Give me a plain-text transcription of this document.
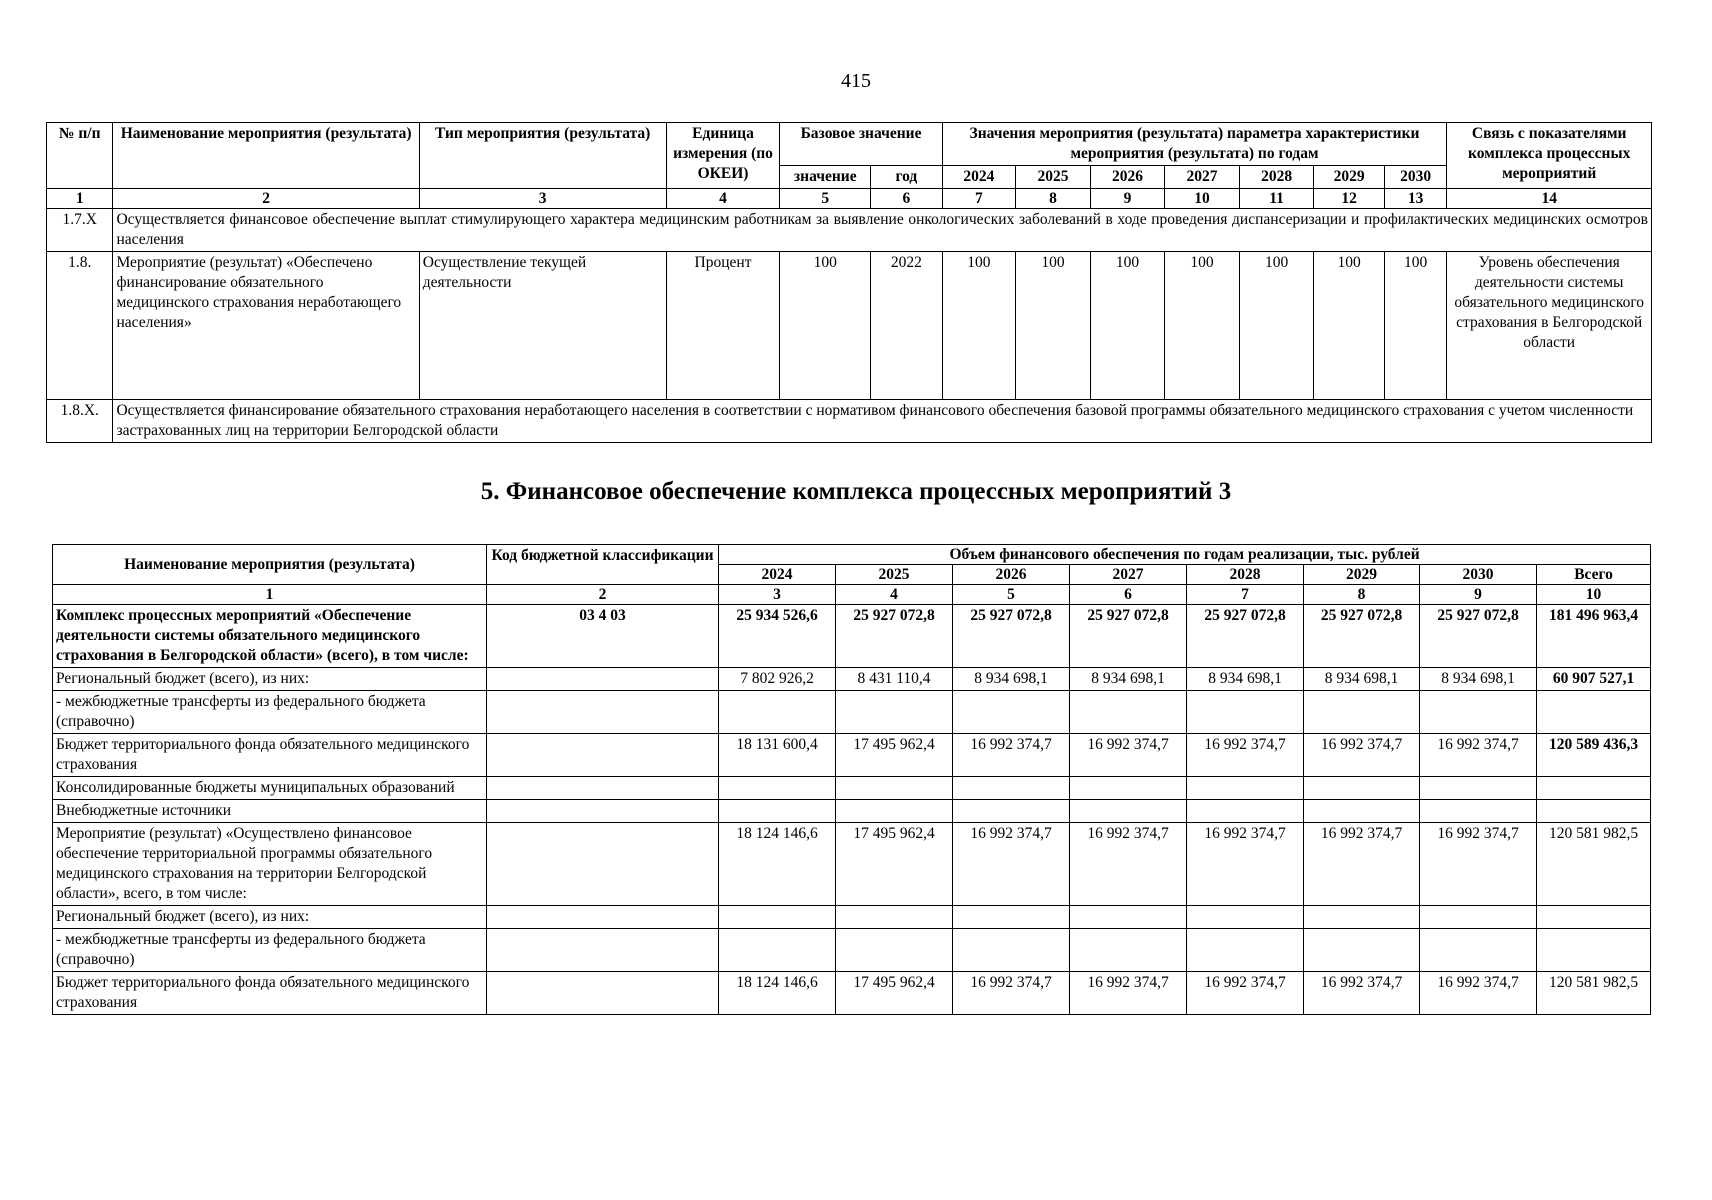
415
№ п/п	Наименование мероприятия (результата)	Тип мероприятия (результата)	Единица измерения (по ОКЕИ)	Базовое значение		Значения мероприятия (результата) параметра характеристики мероприятия (результата) по годам							Связь с показателями комплекса процессных мероприятий
				значение	год	2024	2025	2026	2027	2028	2029	2030	
1	2	3	4	5	6	7	8	9	10	11	12	13	14
1.7.X	Осуществляется финансовое обеспечение выплат стимулирующего характера медицинским работникам за выявление онкологических заболеваний в ходе проведения диспансеризации и профилактических медицинских осмотров населения												
1.8.	Мероприятие (результат) «Обеспечено финансирование обязательного медицинского страхования неработающего населения»	Осуществление текущей деятельности	Процент	100	2022	100	100	100	100	100	100	100	Уровень обеспечения деятельности системы обязательного медицинского страхования в Белгородской области
1.8.X.	Осуществляется финансирование обязательного страхования неработающего населения в соответствии с нормативом финансового обеспечения базовой программы обязательного медицинского страхования с учетом численности застрахованных лиц на территории Белгородской области												
5. Финансовое обеспечение комплекса процессных мероприятий 3
Наименование мероприятия (результата)	Код бюджетной классификации	Объем финансового обеспечения по годам реализации, тыс. рублей							
		2024	2025	2026	2027	2028	2029	2030	Всего
1	2	3	4	5	6	7	8	9	10
Комплекс процессных мероприятий «Обеспечение деятельности системы обязательного медицинского страхования в Белгородской области» (всего), в том числе:	03 4 03	25 934 526,6	25 927 072,8	25 927 072,8	25 927 072,8	25 927 072,8	25 927 072,8	25 927 072,8	181 496 963,4
Региональный бюджет (всего), из них:		7 802 926,2	8 431 110,4	8 934 698,1	8 934 698,1	8 934 698,1	8 934 698,1	8 934 698,1	60 907 527,1
- межбюджетные трансферты из федерального бюджета (справочно)									
Бюджет территориального фонда обязательного медицинского страхования		18 131 600,4	17 495 962,4	16 992 374,7	16 992 374,7	16 992 374,7	16 992 374,7	16 992 374,7	120 589 436,3
Консолидированные бюджеты муниципальных образований									
Внебюджетные источники									
Мероприятие (результат) «Осуществлено финансовое обеспечение территориальной программы обязательного медицинского страхования на территории Белгородской области», всего, в том числе:		18 124 146,6	17 495 962,4	16 992 374,7	16 992 374,7	16 992 374,7	16 992 374,7	16 992 374,7	120 581 982,5
Региональный бюджет (всего), из них:									
- межбюджетные трансферты из федерального бюджета (справочно)									
Бюджет территориального фонда обязательного медицинского страхования		18 124 146,6	17 495 962,4	16 992 374,7	16 992 374,7	16 992 374,7	16 992 374,7	16 992 374,7	120 581 982,5
